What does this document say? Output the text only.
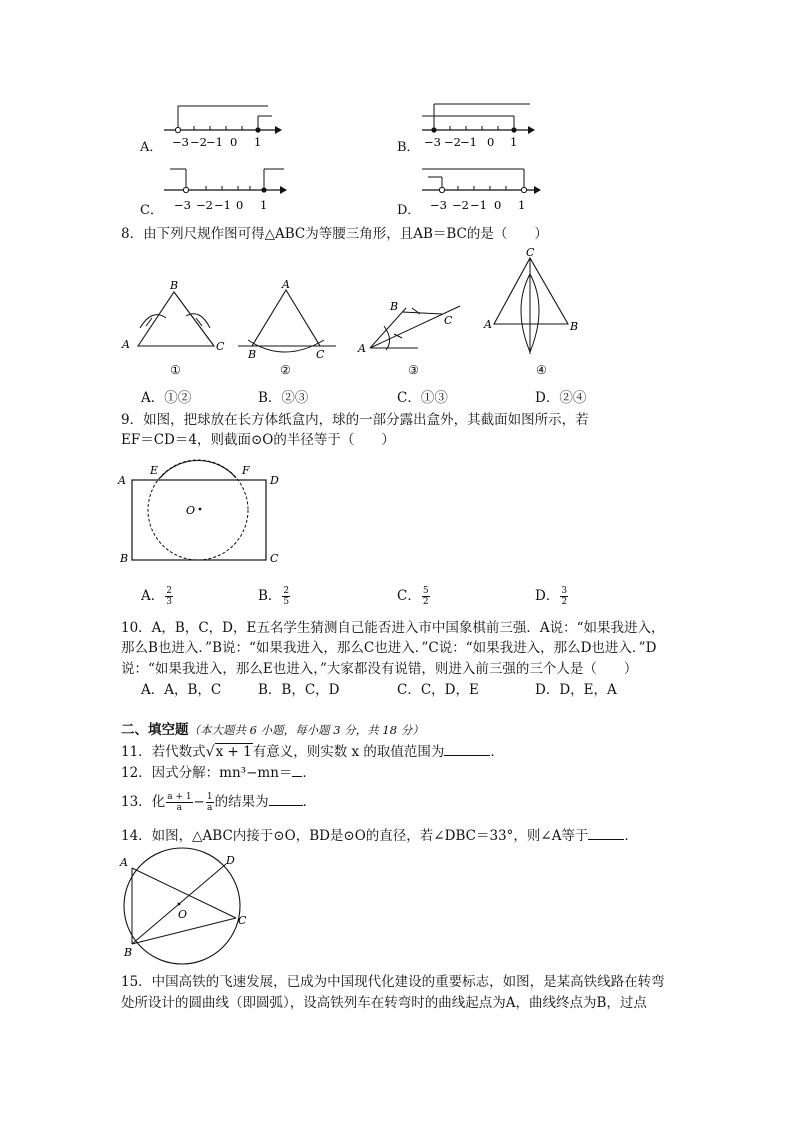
A． −3 −2 −1 0 1	B． −3 −2 −1 0 1
C． −3 −2 −1 0 1	D． −3 −2 −1 0 1
8．由下列尺规作图可得△ABC为等腰三角形，且AB＝BC的是（　　）
B
A	C
①
A
B	C
②
B
A
C
③
C
A	B
④
A．①②	B．②③	C．①③	D．②④
9．如图，把球放在长方体纸盒内，球的一部分露出盒外，其截面如图所示，若
EF＝CD＝4，则截面⊙O的半径等于（　　）
A
E	F
D
O
B	C
A． $\frac{2}{3}$	B． $\frac{2}{5}$	C． $\frac{5}{2}$	D． $\frac{3}{2}$
10．A，B，C，D，E五名学生猜测自己能否进入市中国象棋前三强．A说：“如果我进入，
那么B也进入．”B说：“如果我进入，那么C也进入．”C说：“如果我进入，那么D也进入．”D
说：“如果我进入，那么E也进入，”大家都没有说错，则进入前三强的三个人是（　　）
A．A，B，C	B．B，C，D	C．C，D，E	D．D，E，A
二、填空题（本大题共 6 小题，每小题 3 分，共 18 分）
11．若代数式√x + 1有意义，则实数 x 的取值范围为	．
12．因式分解：mn³−mn＝ ．
13．化 $\frac{a + 1}{a} - \frac{1}{a}$ 的结果为	．
14．如图，△ABC内接于⊙O，BD是⊙O的直径，若∠DBC＝33°，则∠A等于	．
A	D
O	C
B
15．中国高铁的飞速发展，已成为中国现代化建设的重要标志，如图，是某高铁线路在转弯
处所设计的圆曲线（即圆弧），设高铁列车在转弯时的曲线起点为A，曲线终点为B，过点
